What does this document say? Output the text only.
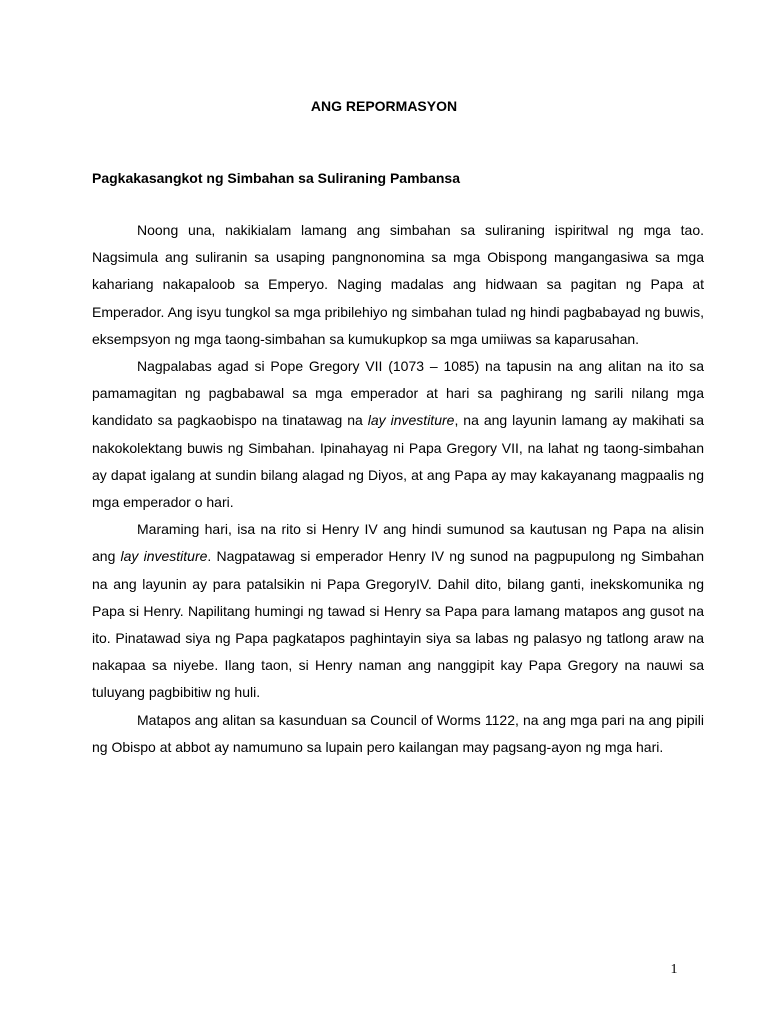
ANG REPORMASYON
Pagkakasangkot ng Simbahan sa Suliraning Pambansa

Noong una, nakikialam lamang ang simbahan sa suliraning ispiritwal ng mga tao. Nagsimula ang suliranin sa usaping pangnonomina sa mga Obispong mangangasiwa sa mga kahariang nakapaloob sa Emperyo. Naging madalas ang hidwaan sa pagitan ng Papa at Emperador. Ang isyu tungkol sa mga pribilehiyo ng simbahan tulad ng hindi pagbabayad ng buwis, eksempsyon ng mga taong-simbahan sa kumukupkop sa mga umiiwas sa kaparusahan.

Nagpalabas agad si Pope Gregory VII (1073 – 1085) na tapusin na ang alitan na ito sa pamamagitan ng pagbabawal sa mga emperador at hari sa paghirang ng sarili nilang mga kandidato sa pagkaobispo na tinatawag na lay investiture, na ang layunin lamang ay makihati sa nakokolektang buwis ng Simbahan. Ipinahayag ni Papa Gregory VII, na lahat ng taong-simbahan ay dapat igalang at sundin bilang alagad ng Diyos, at ang Papa ay may kakayanang magpaalis ng mga emperador o hari.

Maraming hari, isa na rito si Henry IV ang hindi sumunod sa kautusan ng Papa na alisin ang lay investiture. Nagpatawag si emperador Henry IV ng sunod na pagpupulong ng Simbahan na ang layunin ay para patalsikin ni Papa GregoryIV. Dahil dito, bilang ganti, inekskomunika ng Papa si Henry. Napilitang humingi ng tawad si Henry sa Papa para lamang matapos ang gusot na ito. Pinatawad siya ng Papa pagkatapos paghintayin siya sa labas ng palasyo ng tatlong araw na nakapaa sa niyebe. Ilang taon, si Henry naman ang nanggipit kay Papa Gregory na nauwi sa tuluyang pagbibitiw ng huli.

Matapos ang alitan sa kasunduan sa Council of Worms 1122, na ang mga pari na ang pipili ng Obispo at abbot ay namumuno sa lupain pero kailangan may pagsang-ayon ng mga hari.

1
